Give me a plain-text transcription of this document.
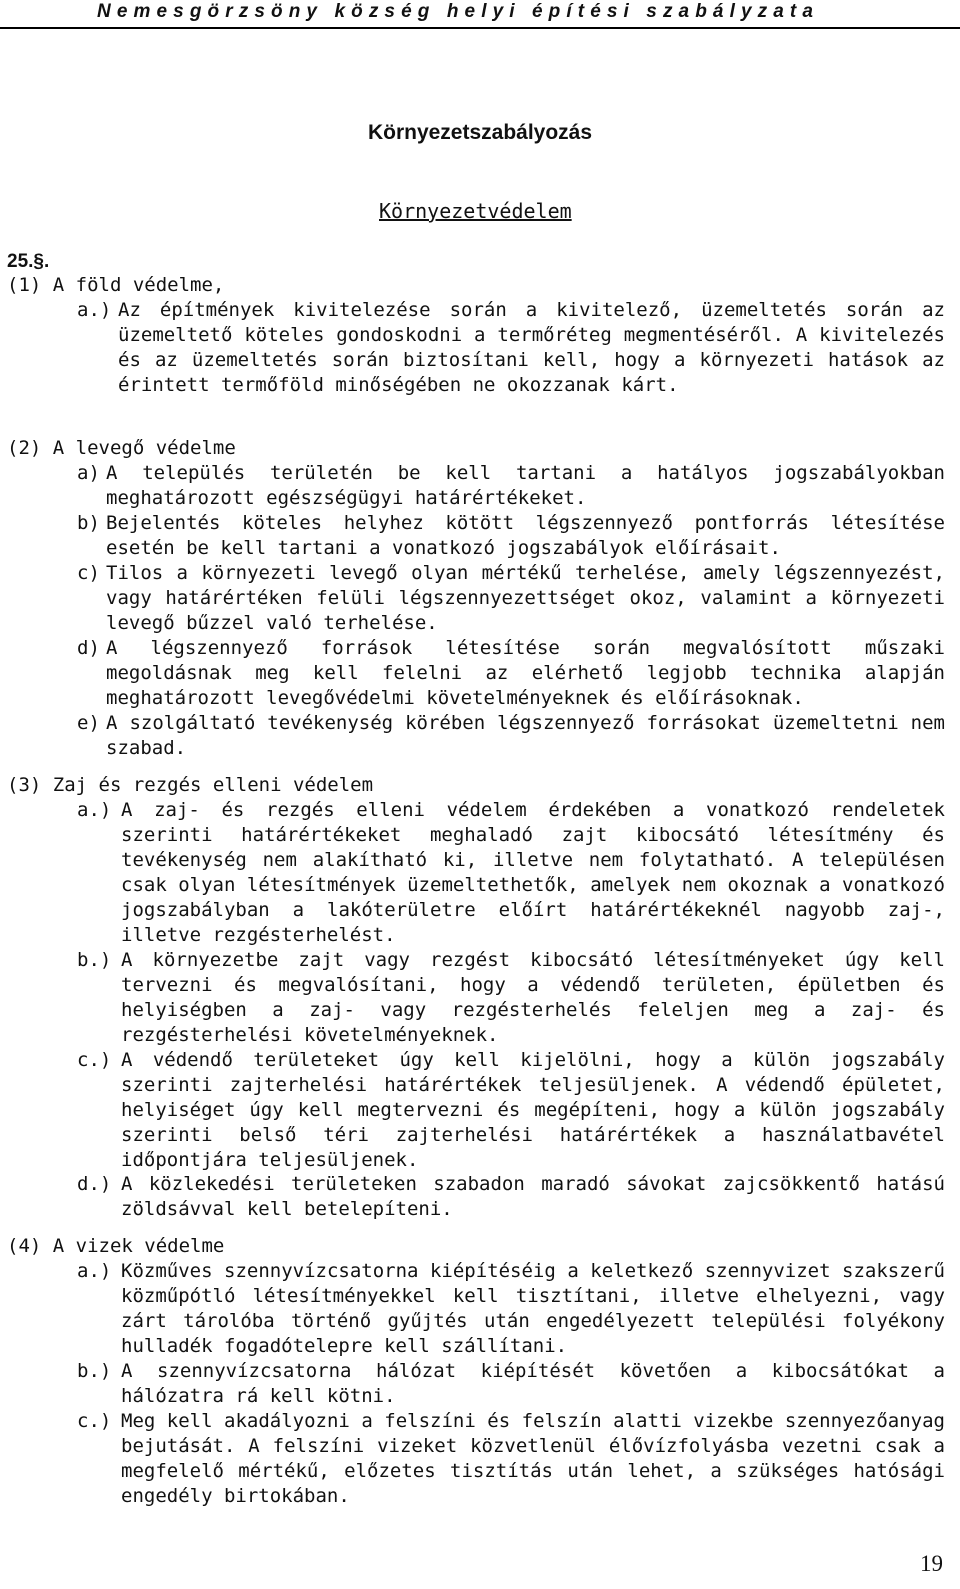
Nemesgörzsöny község helyi építési szabályzata
Környezetszabályozás
Környezetvédelem
25.§.
(1) A föld védelme,
a.) Az építmények kivitelezése során a kivitelező, üzemeltetés során az üzemeltető köteles gondoskodni a termőréteg megmentéséről. A kivitelezés és az üzemeltetés során biztosítani kell, hogy a környezeti hatások az érintett termőföld minőségében ne okozzanak kárt.
(2) A levegő védelme
a) A település területén be kell tartani a hatályos jogszabályokban meghatározott egészségügyi határértékeket.
b) Bejelentés köteles helyhez kötött légszennyező pontforrás létesítése esetén be kell tartani a vonatkozó jogszabályok előírásait.
c) Tilos a környezeti levegő olyan mértékű terhelése, amely légszennyezést, vagy határértéken felüli légszennyezettséget okoz, valamint a környezeti levegő bűzzel való terhelése.
d) A légszennyező források létesítése során megvalósított műszaki megoldásnak meg kell felelni az elérhető legjobb technika alapján meghatározott levegővédelmi követelményeknek és előírásoknak.
e) A szolgáltató tevékenység körében légszennyező forrásokat üzemeltetni nem szabad.
(3) Zaj és rezgés elleni védelem
a.) A zaj- és rezgés elleni védelem érdekében a vonatkozó rendeletek szerinti határértékeket meghaladó zajt kibocsátó létesítmény és tevékenység nem alakítható ki, illetve nem folytatható. A településen csak olyan létesítmények üzemeltethetők, amelyek nem okoznak a vonatkozó jogszabályban a lakóterületre előírt határértékeknél nagyobb zaj-, illetve rezgésterhelést.
b.) A környezetbe zajt vagy rezgést kibocsátó létesítményeket úgy kell tervezni és megvalósítani, hogy a védendő területen, épületben és helyiségben a zaj- vagy rezgésterhelés feleljen meg a zaj- és rezgésterhelési követelményeknek.
c.) A védendő területeket úgy kell kijelölni, hogy a külön jogszabály szerinti zajterhelési határértékek teljesüljenek. A védendő épületet, helyiséget úgy kell megtervezni és megépíteni, hogy a külön jogszabály szerinti belső téri zajterhelési határértékek a használatbavétel időpontjára teljesüljenek.
d.) A közlekedési területeken szabadon maradó sávokat zajcsökkentő hatású zöldsávval kell betelepíteni.
(4) A vizek védelme
a.) Közműves szennyvízcsatorna kiépítéséig a keletkező szennyvizet szakszerű közműpótló létesítményekkel kell tisztítani, illetve elhelyezni, vagy zárt tárolóba történő gyűjtés után engedélyezett települési folyékony hulladék fogadótelepre kell szállítani.
b.) A szennyvízcsatorna hálózat kiépítését követően a kibocsátókat a hálózatra rá kell kötni.
c.) Meg kell akadályozni a felszíni és felszín alatti vizekbe szennyezőanyag bejutását. A felszíni vizeket közvetlenül élővízfolyásba vezetni csak a megfelelő mértékű, előzetes tisztítás után lehet, a szükséges hatósági engedély birtokában.
19
